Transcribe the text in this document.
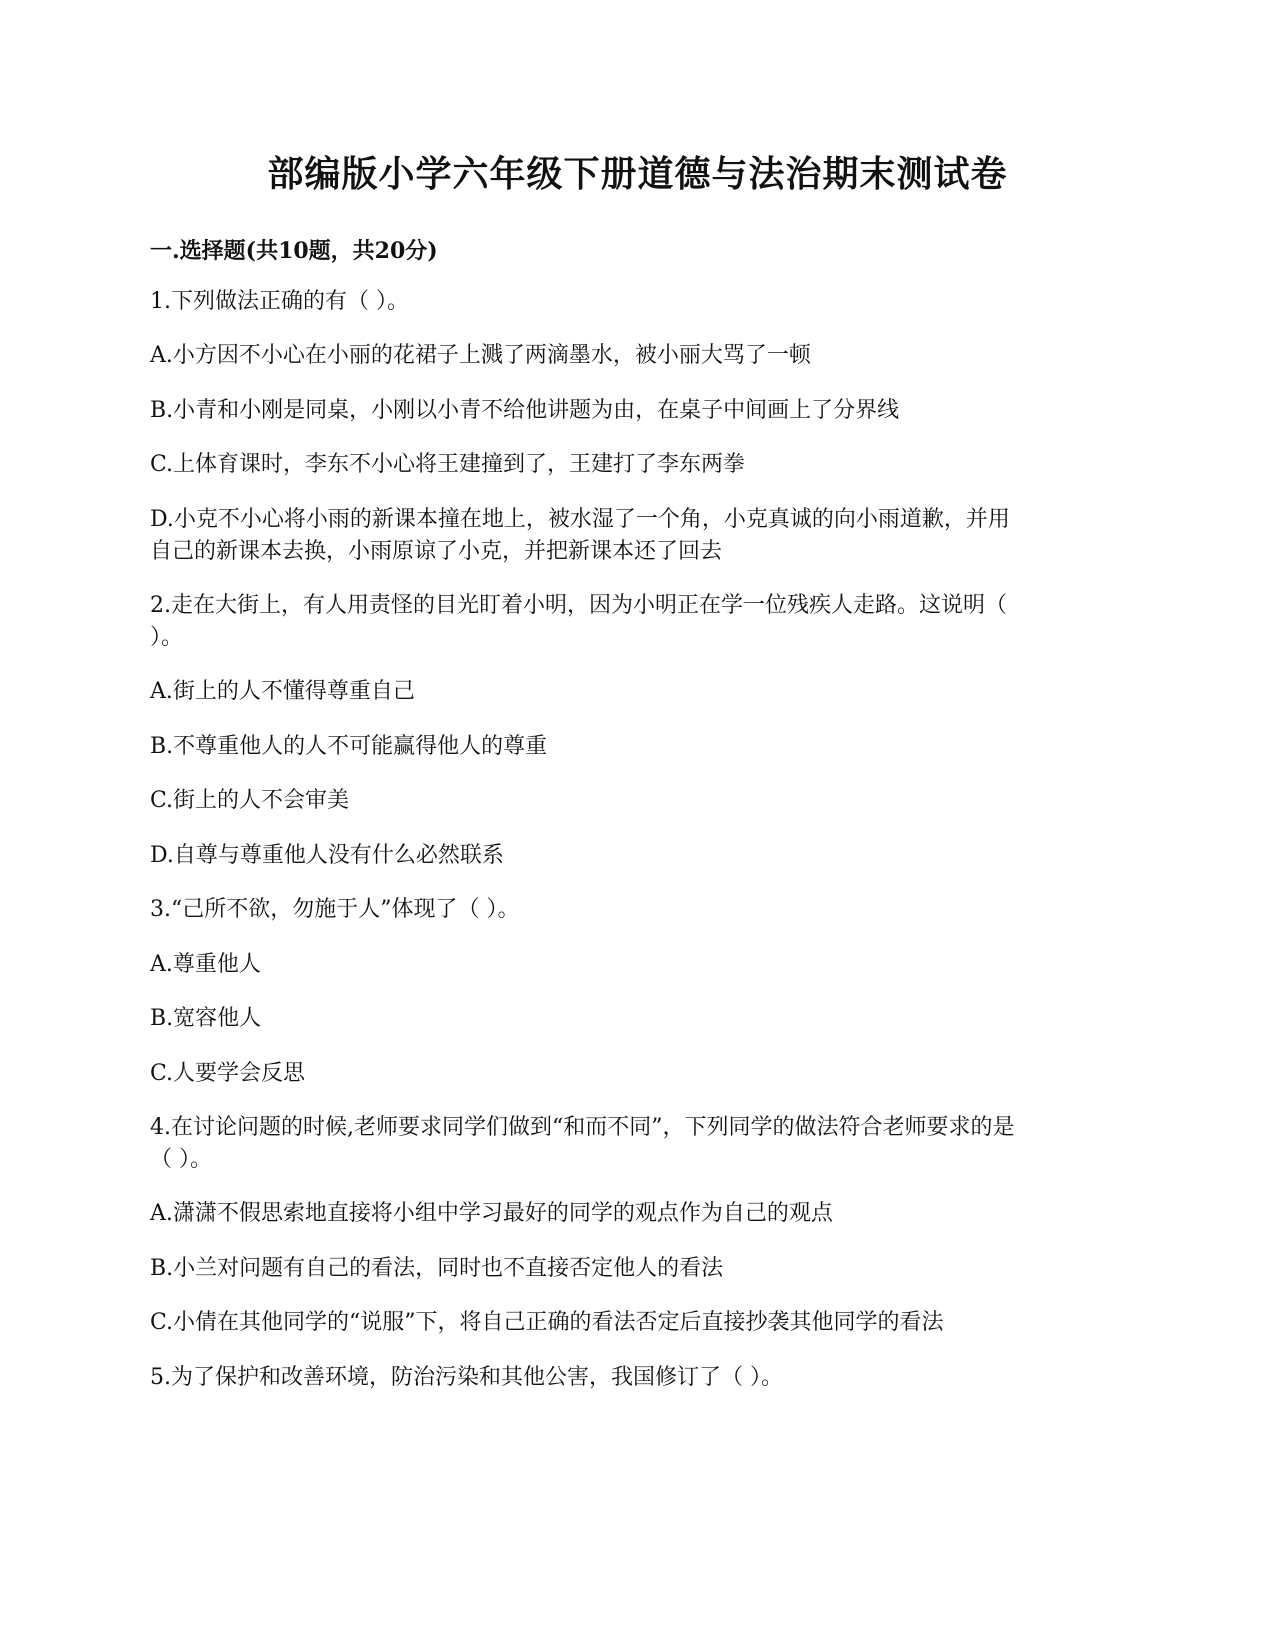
部编版小学六年级下册道德与法治期末测试卷
一.选择题(共10题，共20分)
1.下列做法正确的有（ ）。
A.小方因不小心在小丽的花裙子上溅了两滴墨水，被小丽大骂了一顿
B.小青和小刚是同桌，小刚以小青不给他讲题为由，在桌子中间画上了分界线
C.上体育课时，李东不小心将王建撞到了，王建打了李东两拳
D.小克不小心将小雨的新课本撞在地上，被水湿了一个角，小克真诚的向小雨道歉，并用
自己的新课本去换，小雨原谅了小克，并把新课本还了回去
2.走在大街上，有人用责怪的目光盯着小明，因为小明正在学一位残疾人走路。这说明（
）。
A.街上的人不懂得尊重自己
B.不尊重他人的人不可能赢得他人的尊重
C.街上的人不会审美
D.自尊与尊重他人没有什么必然联系
3.“己所不欲，勿施于人”体现了（ ）。
A.尊重他人
B.宽容他人
C.人要学会反思
4.在讨论问题的时候,老师要求同学们做到“和而不同”，下列同学的做法符合老师要求的是
（ ）。
A.潇潇不假思索地直接将小组中学习最好的同学的观点作为自己的观点
B.小兰对问题有自己的看法，同时也不直接否定他人的看法
C.小倩在其他同学的“说服”下，将自己正确的看法否定后直接抄袭其他同学的看法
5.为了保护和改善环境，防治污染和其他公害，我国修订了（ ）。
